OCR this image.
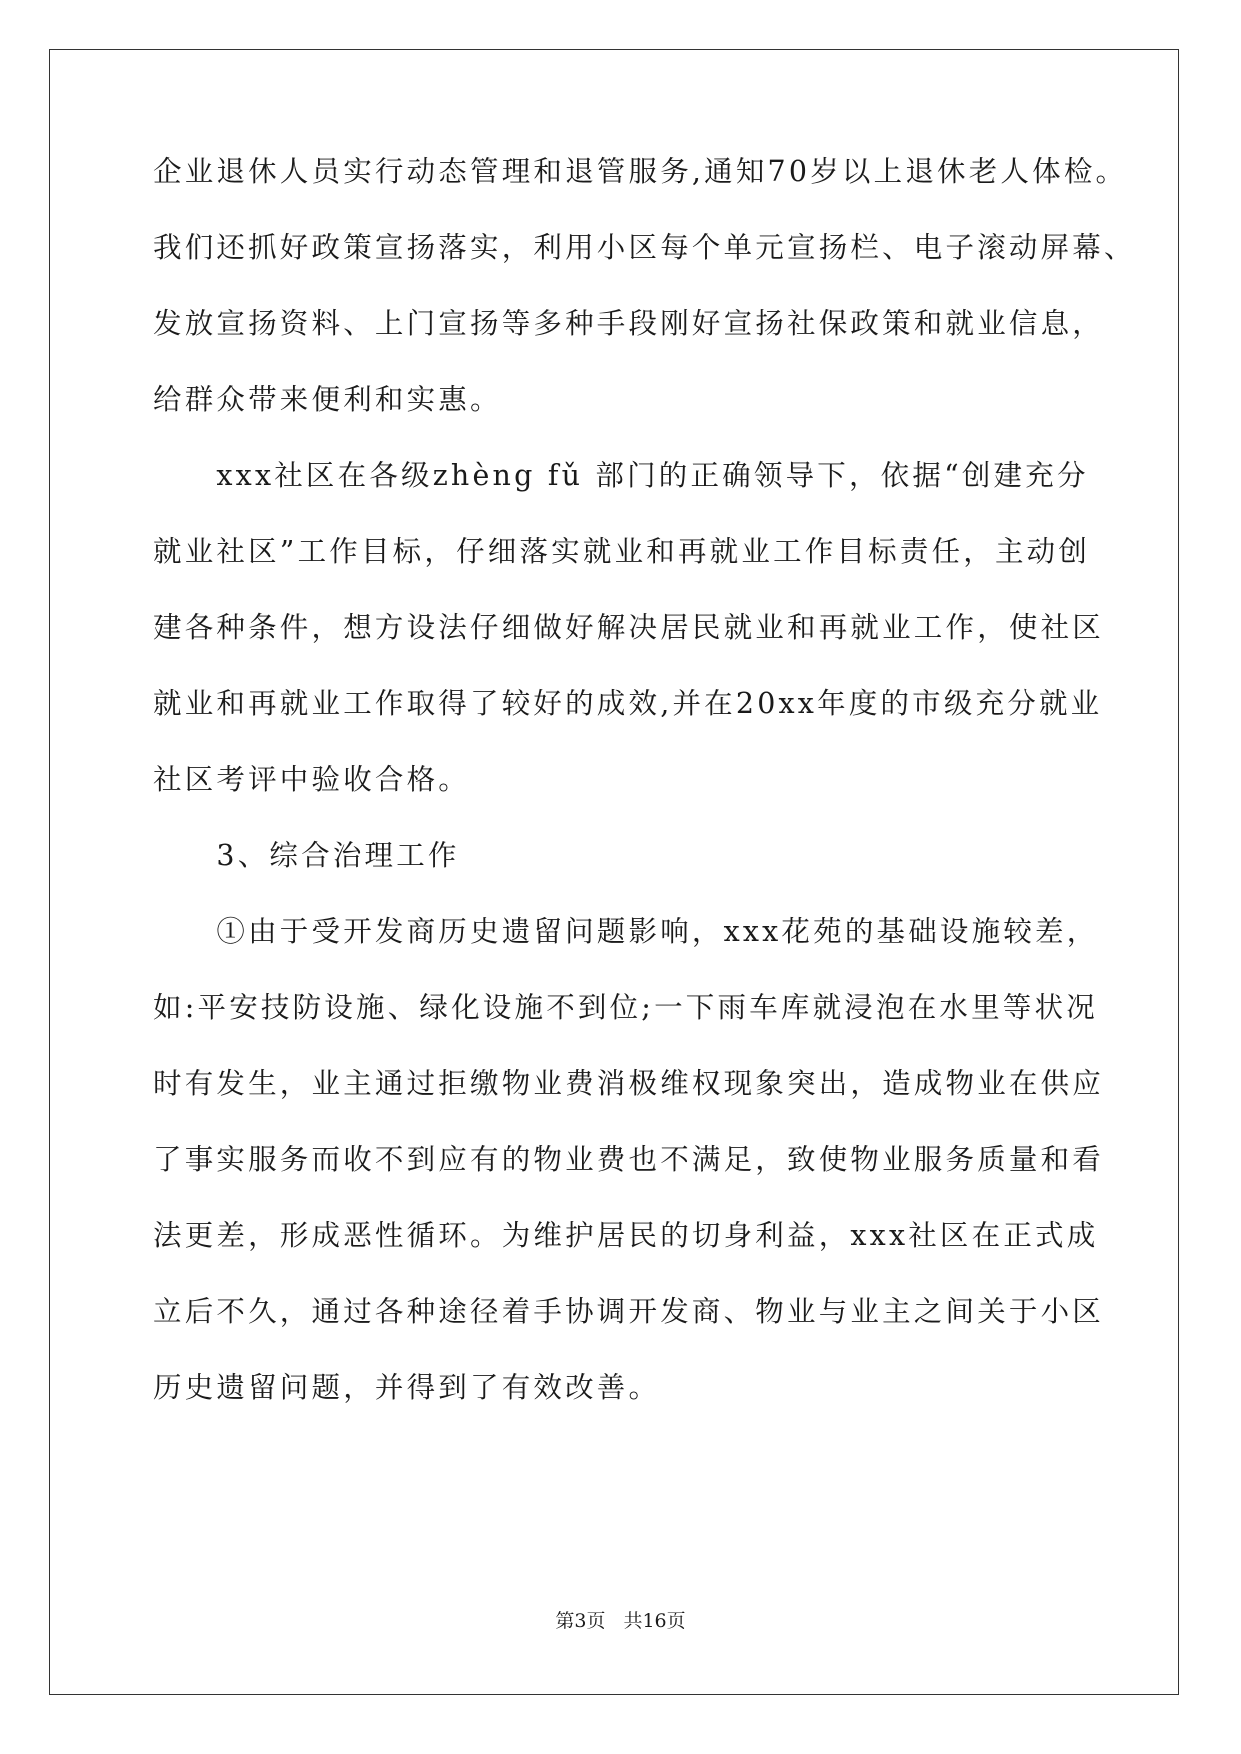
企业退休人员实行动态管理和退管服务,通知70岁以上退休老人体检。
我们还抓好政策宣扬落实，利用小区每个单元宣扬栏、电子滚动屏幕、
发放宣扬资料、上门宣扬等多种手段刚好宣扬社保政策和就业信息，
给群众带来便利和实惠。
　　xxx社区在各级zhèng fǔ 部门的正确领导下，依据“创建充分
就业社区”工作目标，仔细落实就业和再就业工作目标责任，主动创
建各种条件，想方设法仔细做好解决居民就业和再就业工作，使社区
就业和再就业工作取得了较好的成效,并在20xx年度的市级充分就业
社区考评中验收合格。
　　3、综合治理工作
　　①由于受开发商历史遗留问题影响，xxx花苑的基础设施较差，
如:平安技防设施、绿化设施不到位;一下雨车库就浸泡在水里等状况
时有发生，业主通过拒缴物业费消极维权现象突出，造成物业在供应
了事实服务而收不到应有的物业费也不满足，致使物业服务质量和看
法更差，形成恶性循环。为维护居民的切身利益，xxx社区在正式成
立后不久，通过各种途径着手协调开发商、物业与业主之间关于小区
历史遗留问题，并得到了有效改善。
第3页 共16页
